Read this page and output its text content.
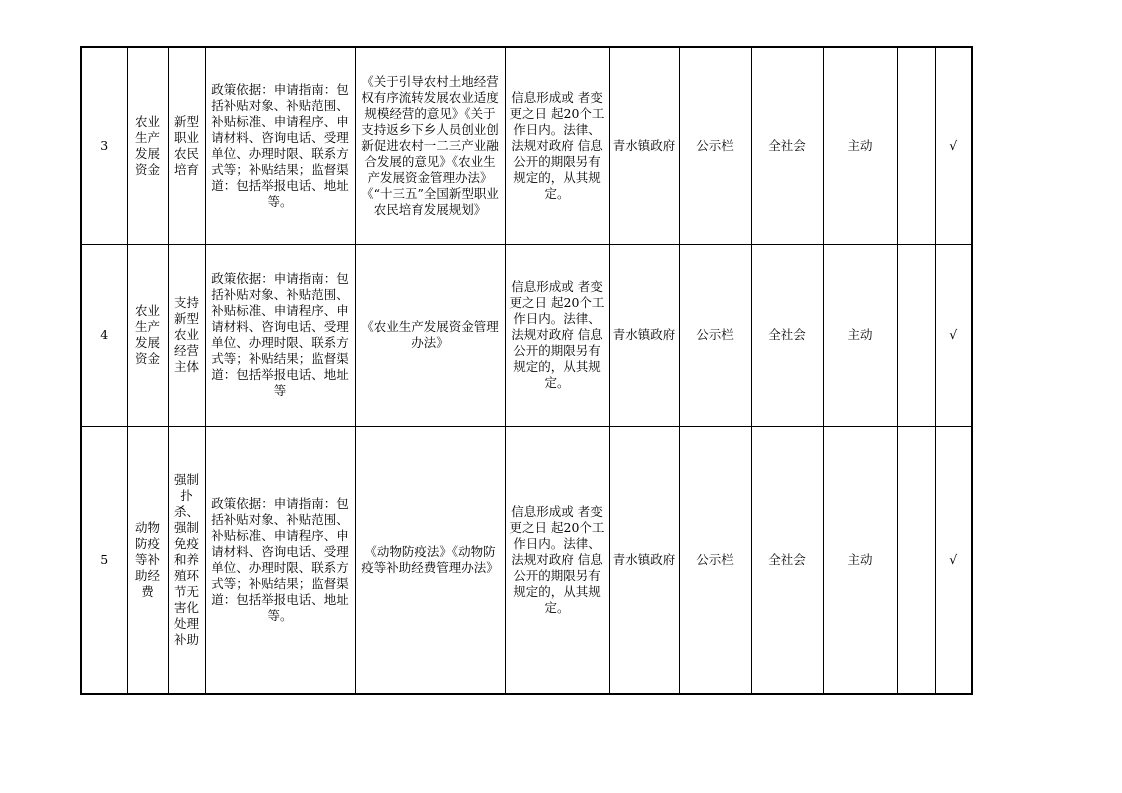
3	农业生产发展资金	新型职业农民培育	政策依据：申请指南：包括补贴对象、补贴范围、补贴标准、申请程序、申请材料、咨询电话、受理单位、办理时限、联系方式等；补贴结果；监督渠道：包括举报电话、地址等。	《关于引导农村土地经营权有序流转发展农业适度规模经营的意见》《关于支持返乡下乡人员创业创新促进农村一二三产业融合发展的意见》《农业生产发展资金管理办法》《“十三五”全国新型职业农民培育发展规划》	信息形成或 者变更之日 起20个工作日内。法律、法规对政府 信息公开的期限另有规定的，从其规定。	青水镇政府	公示栏	全社会	主动		√
4	农业生产发展资金	支持新型农业经营主体	政策依据：申请指南：包括补贴对象、补贴范围、补贴标准、申请程序、申请材料、咨询电话、受理单位、办理时限、联系方式等；补贴结果；监督渠道：包括举报电话、地址等	《农业生产发展资金管理办法》	信息形成或 者变更之日 起20个工作日内。法律、法规对政府 信息公开的期限另有规定的，从其规定。	青水镇政府	公示栏	全社会	主动		√
5	动物防疫等补助经费	强制扑杀、强制免疫和养殖环节无害化处理补助	政策依据：申请指南：包括补贴对象、补贴范围、补贴标准、申请程序、申请材料、咨询电话、受理单位、办理时限、联系方式等；补贴结果；监督渠道：包括举报电话、地址等。	《动物防疫法》《动物防疫等补助经费管理办法》	信息形成或 者变更之日 起20个工作日内。法律、法规对政府 信息公开的期限另有规定的，从其规定。	青水镇政府	公示栏	全社会	主动		√
